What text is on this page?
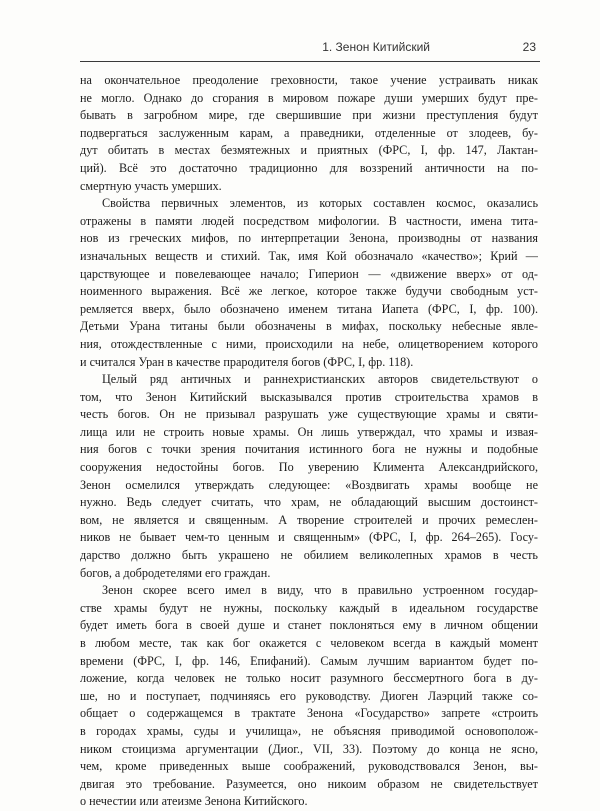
1. Зенон Китийский	23
на окончательное преодоление греховности, такое учение устраивать никак
не могло. Однако до сгорания в мировом пожаре души умерших будут пре-
бывать в загробном мире, где свершившие при жизни преступления будут
подвергаться заслуженным карам, а праведники, отделенные от злодеев, бу-
дут обитать в местах безмятежных и приятных (ФРС, I, фр. 147, Лактан-
ций). Всё это достаточно традиционно для воззрений античности на по-
смертную участь умерших.
Свойства первичных элементов, из которых составлен космос, оказались
отражены в памяти людей посредством мифологии. В частности, имена тита-
нов из греческих мифов, по интерпретации Зенона, производны от названия
изначальных веществ и стихий. Так, имя Кой обозначало «качество»; Крий —
царствующее и повелевающее начало; Гиперион — «движение вверх» от од-
ноименного выражения. Всё же легкое, которое также будучи свободным уст-
ремляется вверх, было обозначено именем титана Иапета (ФРС, I, фр. 100).
Детьми Урана титаны были обозначены в мифах, поскольку небесные явле-
ния, отождествленные с ними, происходили на небе, олицетворением которого
и считался Уран в качестве прародителя богов (ФРС, I, фр. 118).
Целый ряд античных и раннехристианских авторов свидетельствуют о
том, что Зенон Китийский высказывался против строительства храмов в
честь богов. Он не призывал разрушать уже существующие храмы и святи-
лища или не строить новые храмы. Он лишь утверждал, что храмы и извая-
ния богов с точки зрения почитания истинного бога не нужны и подобные
сооружения недостойны богов. По уверению Климента Александрийского,
Зенон осмелился утверждать следующее: «Воздвигать храмы вообще не
нужно. Ведь следует считать, что храм, не обладающий высшим достоинст-
вом, не является и священным. А творение строителей и прочих ремеслен-
ников не бывает чем-то ценным и священным» (ФРС, I, фр. 264–265). Госу-
дарство должно быть украшено не обилием великолепных храмов в честь
богов, а добродетелями его граждан.
Зенон скорее всего имел в виду, что в правильно устроенном государ-
стве храмы будут не нужны, поскольку каждый в идеальном государстве
будет иметь бога в своей душе и станет поклоняться ему в личном общении
в любом месте, так как бог окажется с человеком всегда в каждый момент
времени (ФРС, I, фр. 146, Епифаний). Самым лучшим вариантом будет по-
ложение, когда человек не только носит разумного бессмертного бога в ду-
ше, но и поступает, подчиняясь его руководству. Диоген Лаэрций также со-
общает о содержащемся в трактате Зенона «Государство» запрете «строить
в городах храмы, суды и училища», не объясняя приводимой основополож-
ником стоицизма аргументации (Диог., VII, 33). Поэтому до конца не ясно,
чем, кроме приведенных выше соображений, руководствовался Зенон, вы-
двигая это требование. Разумеется, оно никоим образом не свидетельствует
о нечестии или атеизме Зенона Китийского.
